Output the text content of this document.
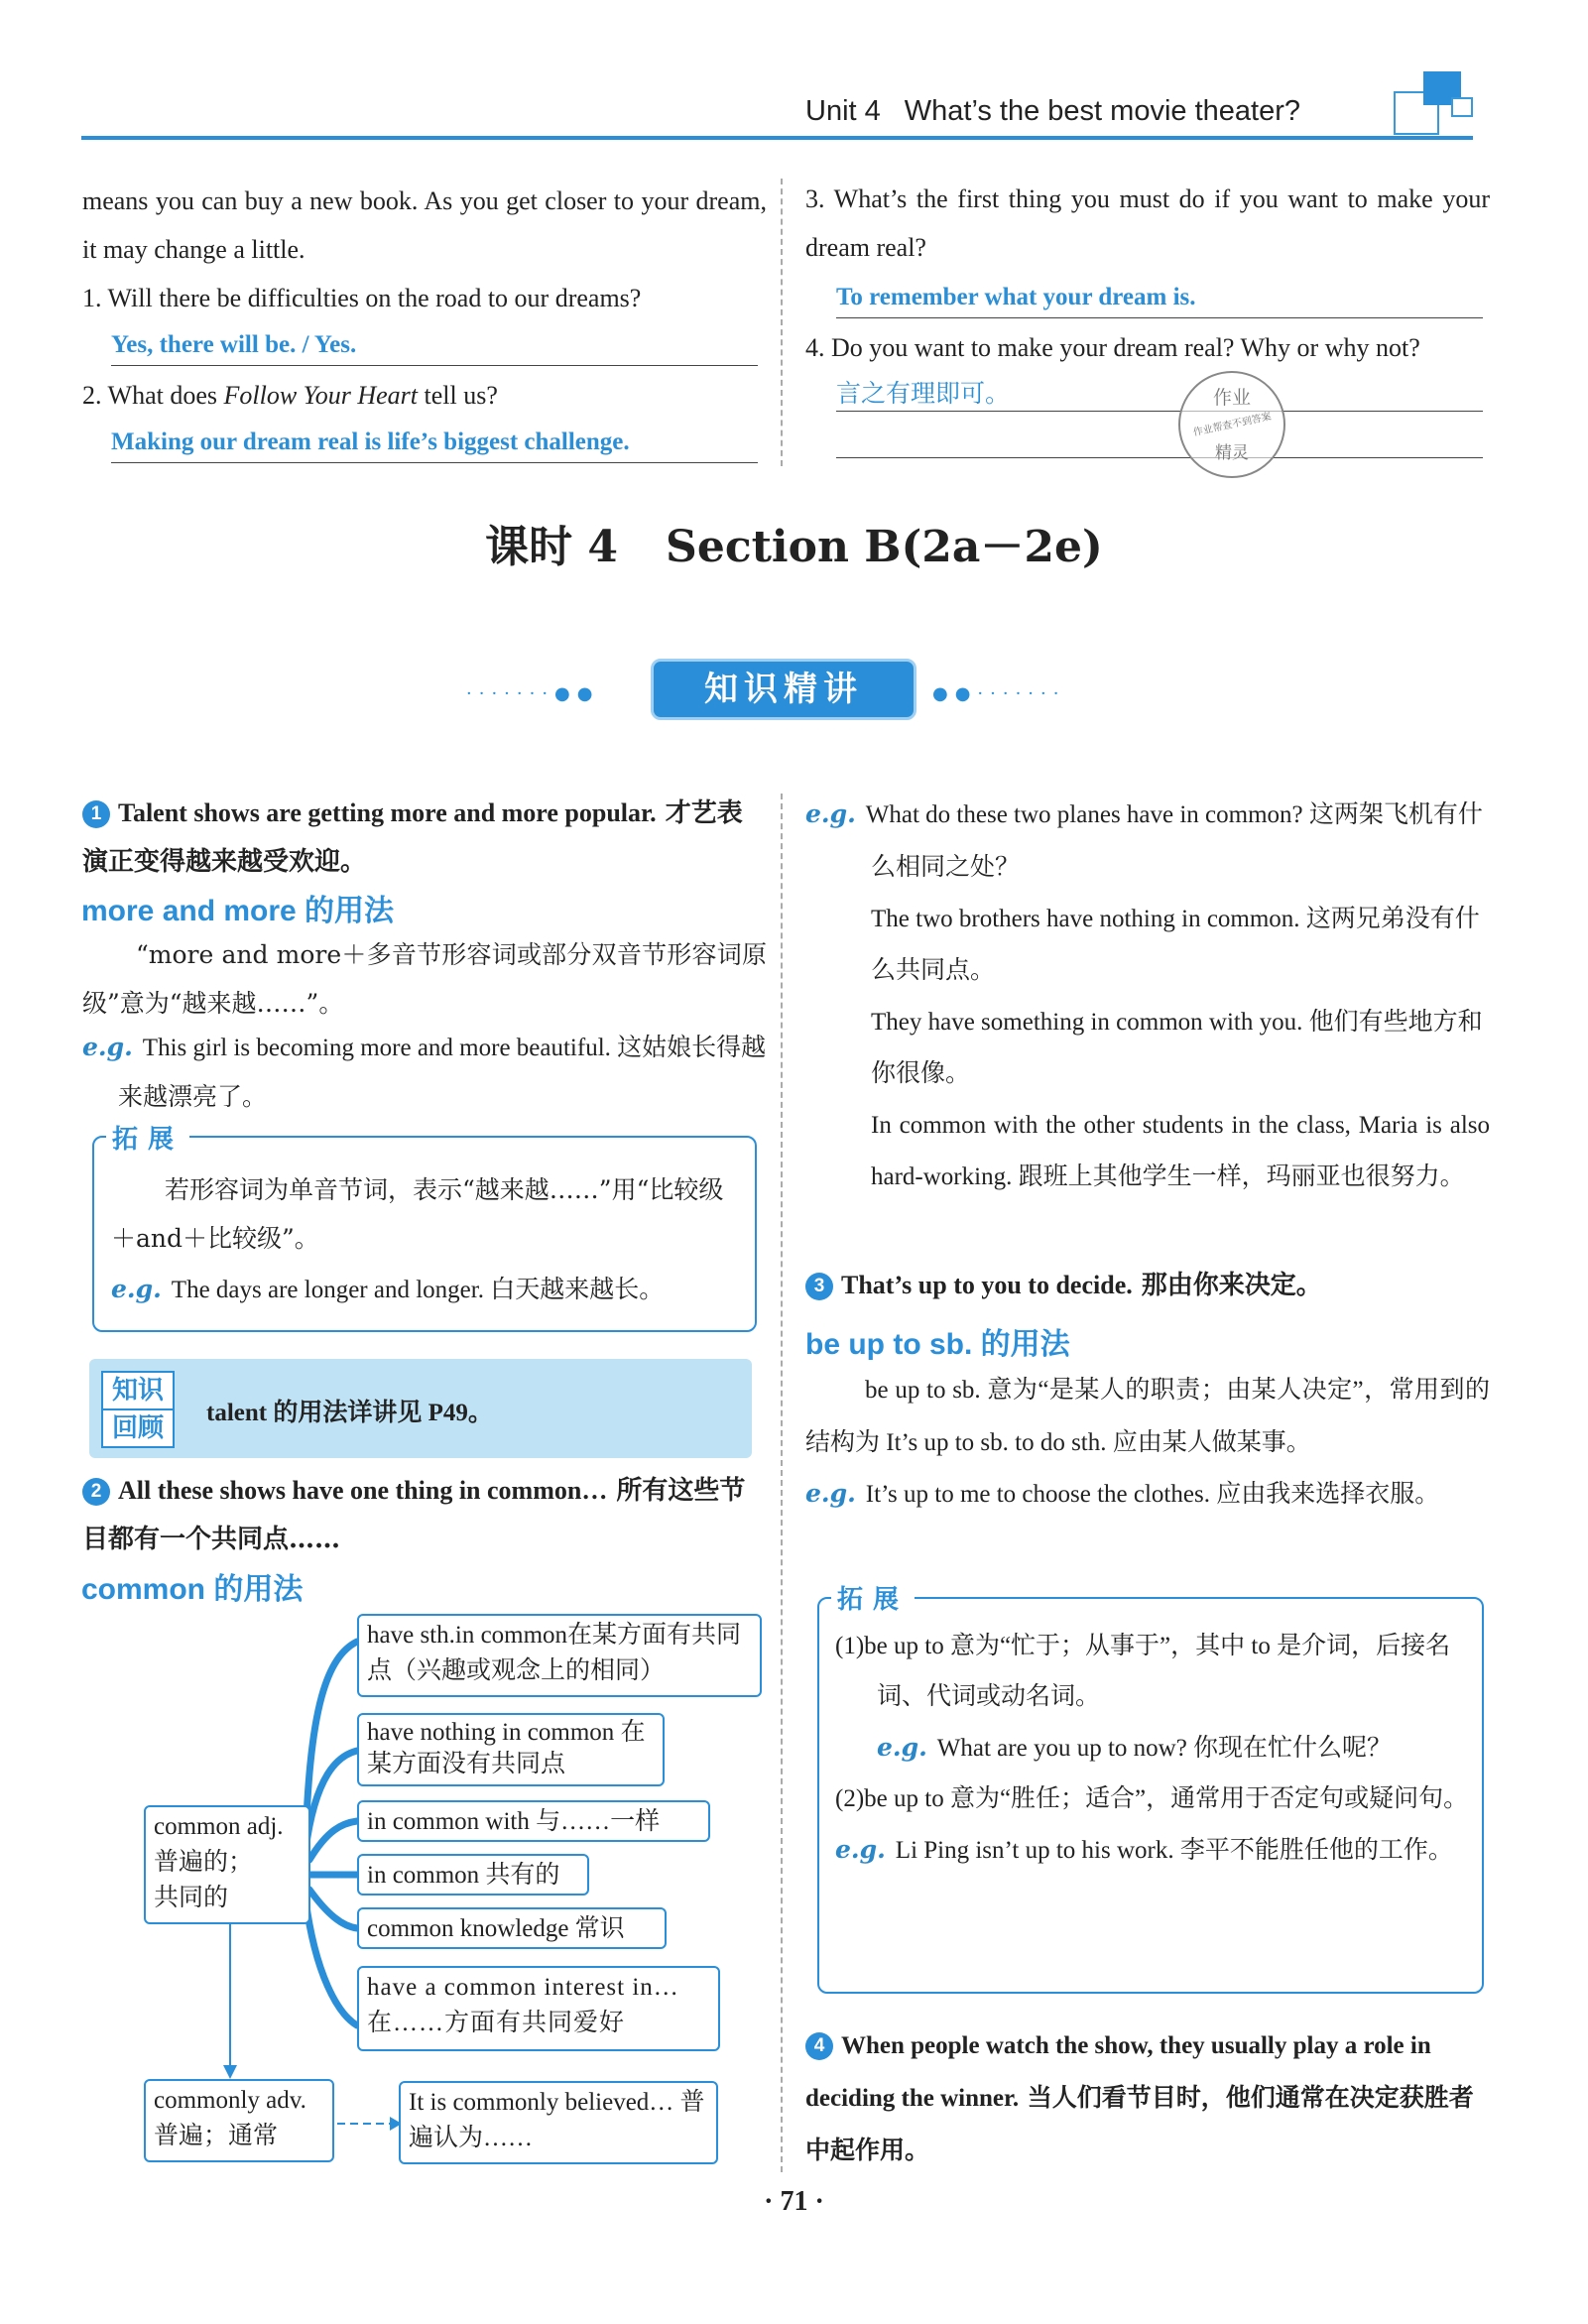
Unit 4 What’s the best movie theater?
means you can buy a new book. As you get closer to your dream, it may change a little.
1. Will there be difficulties on the road to our dreams?
Yes, there will be. / Yes.
2. What does Follow Your Heart tell us?
Making our dream real is life’s biggest challenge.
3. What’s the first thing you must do if you want to make your dream real?
To remember what your dream is.
4. Do you want to make your dream real? Why or why not?
言之有理即可。	作业
作业帮查不到答案
精灵
课时 4 Section B(2a－2e)
·······●●	●●·······
知识精讲
1 Talent shows are getting more and more popular. 才艺表演正变得越来越受欢迎。
more and more 的用法
“more and more＋多音节形容词或部分双音节形容词原级”意为“越来越……”。
e.g. This girl is becoming more and more beautiful. 这姑娘长得越来越漂亮了。
拓展
若形容词为单音节词，表示“越来越……”用“比较级＋and＋比较级”。
e.g. The days are longer and longer. 白天越来越长。
知识
回顾
talent 的用法详讲见 P49。
2 All these shows have one thing in common… 所有这些节目都有一个共同点……
common 的用法
common adj.
普遍的；
共同的
have sth.in common在某方面有共同点（兴趣或观念上的相同）
have nothing in common 在某方面没有共同点
in common with 与……一样
in common 共有的
common knowledge 常识
have a common interest in… 在……方面有共同爱好
commonly adv.
普遍；通常
It is commonly believed… 普遍认为……
e.g. What do these two planes have in common? 这两架飞机有什么相同之处？
The two brothers have nothing in common. 这两兄弟没有什么共同点。
They have something in common with you. 他们有些地方和你很像。
In common with the other students in the class, Maria is also hard-working. 跟班上其他学生一样，玛丽亚也很努力。
3 That’s up to you to decide. 那由你来决定。
be up to sb. 的用法
be up to sb. 意为“是某人的职责；由某人决定”，常用到的结构为 It’s up to sb. to do sth. 应由某人做某事。
e.g. It’s up to me to choose the clothes. 应由我来选择衣服。
拓展
(1)be up to 意为“忙于；从事于”，其中 to 是介词，后接名词、代词或动名词。
e.g. What are you up to now? 你现在忙什么呢？
(2)be up to 意为“胜任；适合”，通常用于否定句或疑问句。
e.g. Li Ping isn’t up to his work. 李平不能胜任他的工作。
4 When people watch the show, they usually play a role in deciding the winner. 当人们看节目时，他们通常在决定获胜者中起作用。
· 71 ·
